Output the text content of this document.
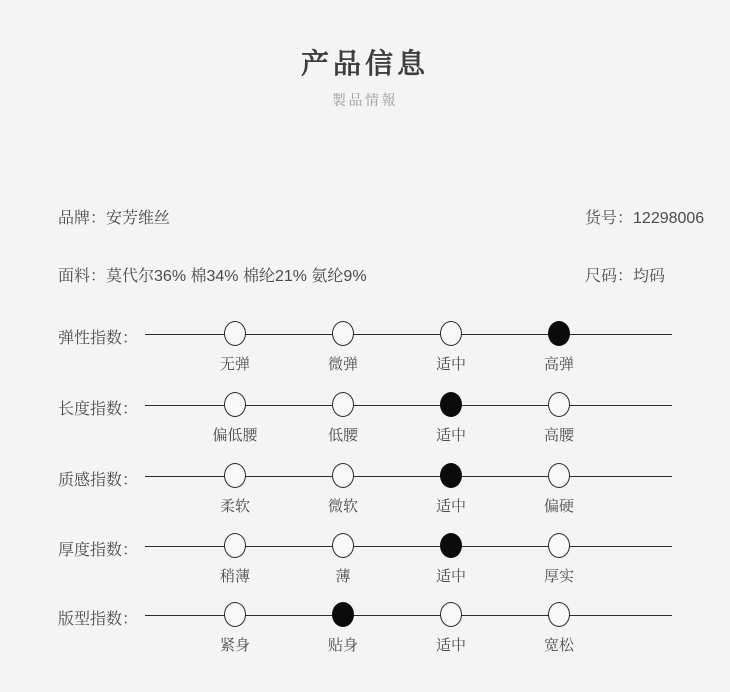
产品信息
製品情報
品牌：安芳维丝	货号：12298006
面料：莫代尔36% 棉34% 棉纶21% 氨纶9%	尺码：均码
弹性指数：
无弹	微弹	适中	高弹
长度指数：
偏低腰	低腰	适中	高腰
质感指数：
柔软	微软	适中	偏硬
厚度指数：
稍薄	薄	适中	厚实
版型指数：
紧身	贴身	适中	宽松
